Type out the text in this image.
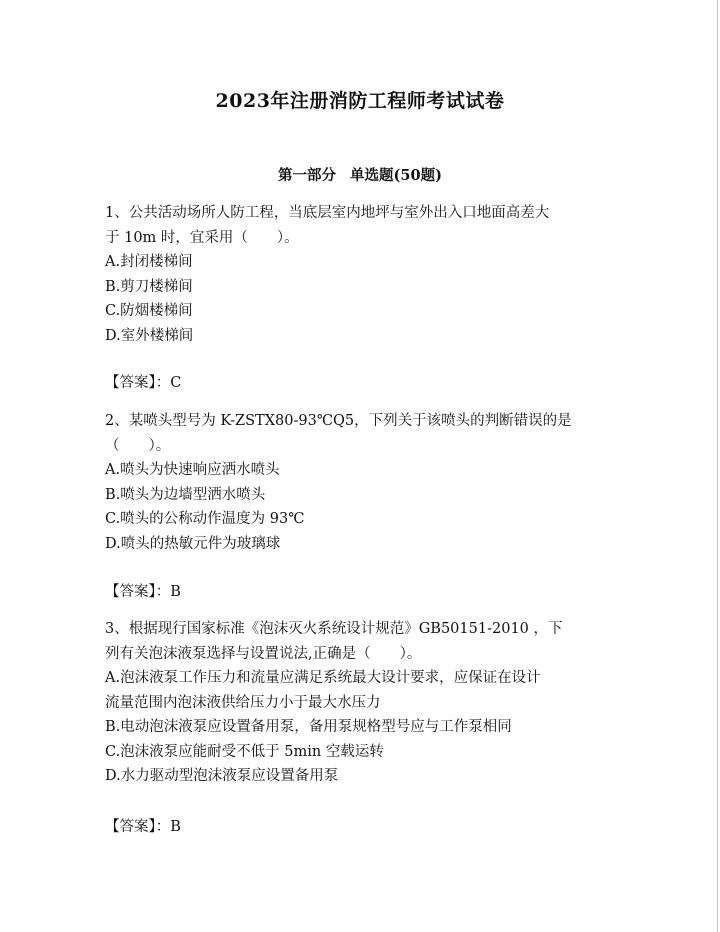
2023年注册消防工程师考试试卷
第一部分 单选题(50题)
1、公共活动场所人防工程，当底层室内地坪与室外出入口地面高差大
于 10m 时，宜采用（　　）。
A.封闭楼梯间
B.剪刀楼梯间
C.防烟楼梯间
D.室外楼梯间
【答案】：C
2、某喷头型号为 K-ZSTX80-93℃Q5，下列关于该喷头的判断错误的是
（　　）。
A.喷头为快速响应洒水喷头
B.喷头为边墙型洒水喷头
C.喷头的公称动作温度为 93℃
D.喷头的热敏元件为玻璃球
【答案】：B
3、根据现行国家标准《泡沫灭火系统设计规范》GB50151-2010 ，下
列有关泡沫液泵选择与设置说法,正确是（　　）。
A.泡沫液泵工作压力和流量应满足系统最大设计要求，应保证在设计
流量范围内泡沫液供给压力小于最大水压力
B.电动泡沫液泵应设置备用泵，备用泵规格型号应与工作泵相同
C.泡沫液泵应能耐受不低于 5min 空载运转
D.水力驱动型泡沫液泵应设置备用泵
【答案】：B
